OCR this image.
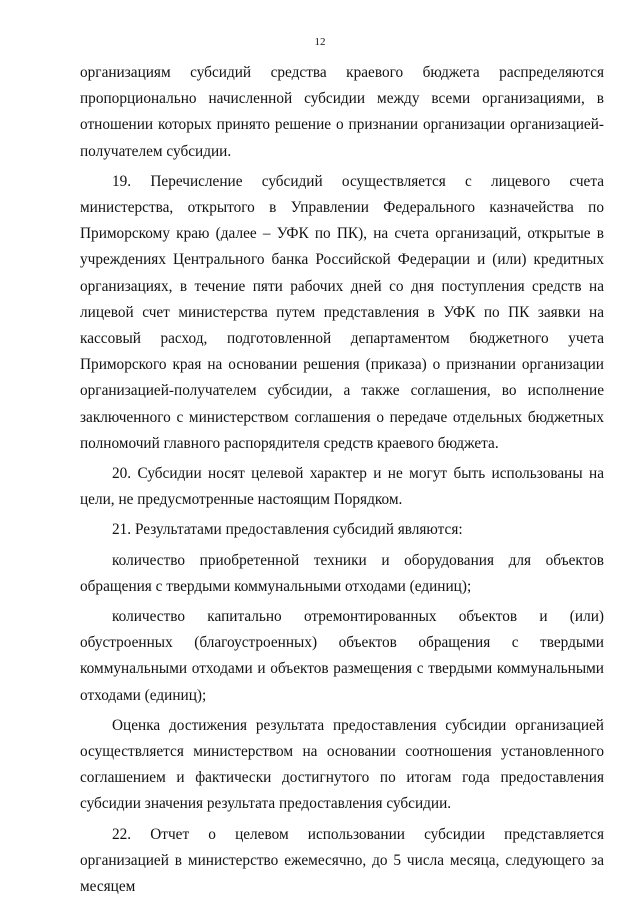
12

организациям субсидий средства краевого бюджета распределяются пропорционально начисленной субсидии между всеми организациями, в отношении которых принято решение о признании организации организацией-получателем субсидии.

19. Перечисление субсидий осуществляется с лицевого счета министерства, открытого в Управлении Федерального казначейства по Приморскому краю (далее – УФК по ПК), на счета организаций, открытые в учреждениях Центрального банка Российской Федерации и (или) кредитных организациях, в течение пяти рабочих дней со дня поступления средств на лицевой счет министерства путем представления в УФК по ПК заявки на кассовый расход, подготовленной департаментом бюджетного учета Приморского края на основании решения (приказа) о признании организации организацией-получателем субсидии, а также соглашения, во исполнение заключенного с министерством соглашения о передаче отдельных бюджетных полномочий главного распорядителя средств краевого бюджета.

20. Субсидии носят целевой характер и не могут быть использованы на цели, не предусмотренные настоящим Порядком.

21. Результатами предоставления субсидий являются:

количество приобретенной техники и оборудования для объектов обращения с твердыми коммунальными отходами (единиц);

количество капитально отремонтированных объектов и (или) обустроенных (благоустроенных) объектов обращения с твердыми коммунальными отходами и объектов размещения с твердыми коммунальными отходами (единиц);

Оценка достижения результата предоставления субсидии организацией осуществляется министерством на основании соотношения установленного соглашением и фактически достигнутого по итогам года предоставления субсидии значения результата предоставления субсидии.

22. Отчет о целевом использовании субсидии представляется организацией в министерство ежемесячно, до 5 числа месяца, следующего за месяцем
